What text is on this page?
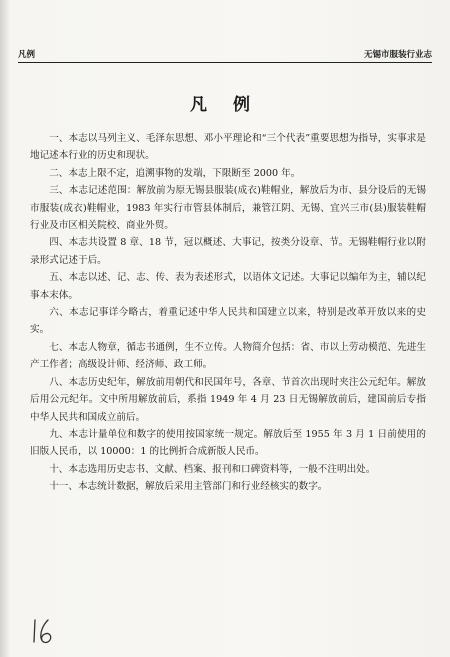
凡例	无锡市服装行业志
凡 例

一、本志以马列主义、毛泽东思想、邓小平理论和“三个代表”重要思想为指导，实事求是地记述本行业的历史和现状。

二、本志上限不定，追溯事物的发端，下限断至 2000 年。

三、本志记述范围：解放前为原无锡县服装(成衣)鞋帽业，解放后为市、县分设后的无锡市服装(成衣)鞋帽业，1983 年实行市管县体制后，兼管江阴、无锡、宜兴三市(县)服装鞋帽行业及市区相关院校、商业外贸。

四、本志共设置 8 章、18 节，冠以概述、大事记，按类分设章、节。无锡鞋帽行业以附录形式记述于后。

五、本志以述、记、志、传、表为表述形式，以语体文记述。大事记以编年为主，辅以纪事本末体。

六、本志记事详今略古，着重记述中华人民共和国建立以来，特别是改革开放以来的史实。

七、本志人物章，循志书通例，生不立传。人物简介包括：省、市以上劳动模范、先进生产工作者；高级设计师、经济师、政工师。

八、本志历史纪年，解放前用朝代和民国年号，各章、节首次出现时夹注公元纪年。解放后用公元纪年。文中所用解放前后，系指 1949 年 4 月 23 日无锡解放前后，建国前后专指中华人民共和国成立前后。

九、本志计量单位和数字的使用按国家统一规定。解放后至 1955 年 3 月 1 日前使用的旧版人民币，以 10000：1 的比例折合成新版人民币。

十、本志选用历史志书、文献、档案、报刊和口碑资料等，一般不注明出处。

十一、本志统计数据，解放后采用主管部门和行业经核实的数字。
